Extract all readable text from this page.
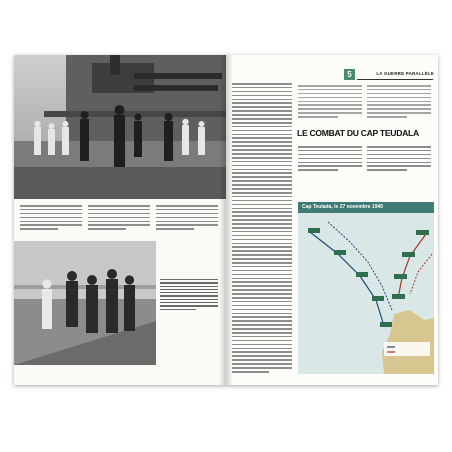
5	LA GUERRE PARALLÈLE
LE COMBAT DU CAP TEUDALA
Cap Teulada, le 27 novembre 1940
